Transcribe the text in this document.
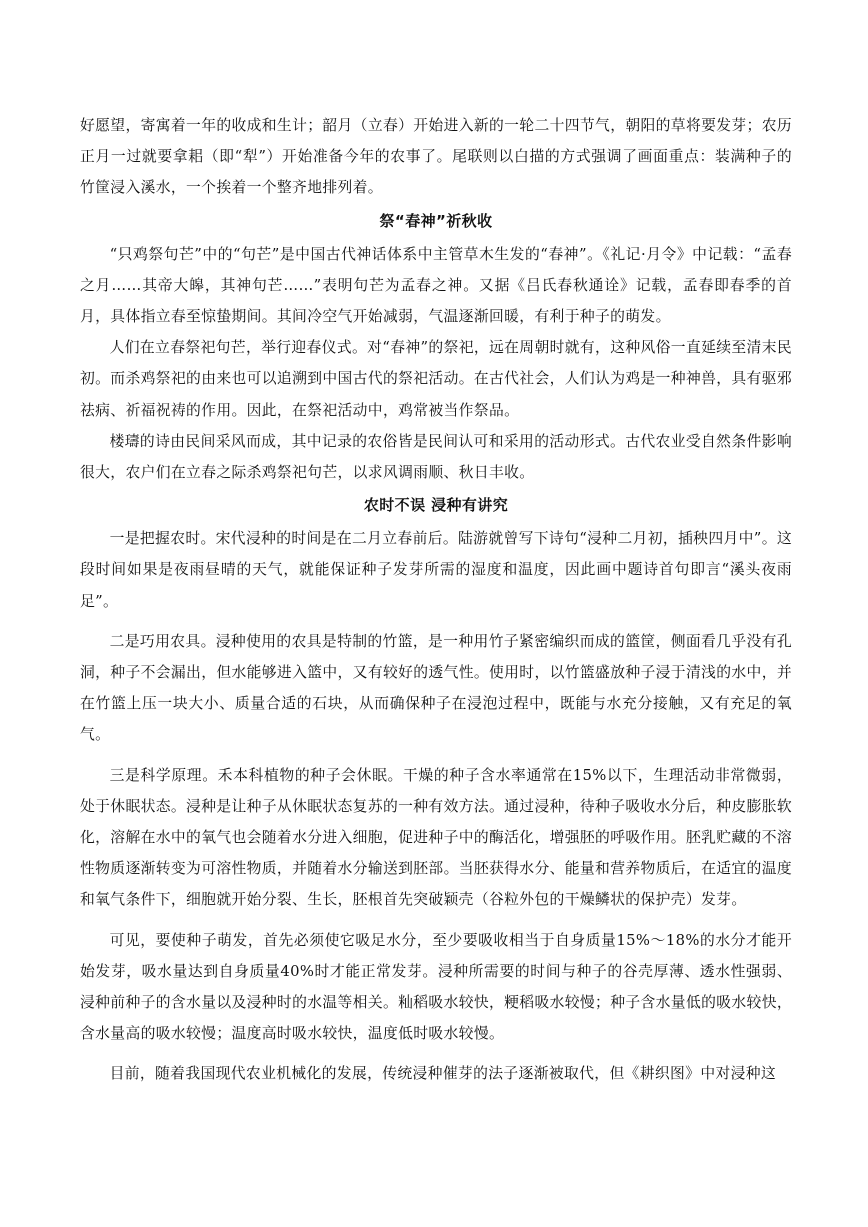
好愿望，寄寓着一年的收成和生计；韶月（立春）开始进入新的一轮二十四节气，朝阳的草将要发芽；农历正月一过就要拿耜（即“犁”）开始准备今年的农事了。尾联则以白描的方式强调了画面重点：装满种子的竹筐浸入溪水，一个挨着一个整齐地排列着。

祭“春神”祈秋收

“只鸡祭句芒”中的“句芒”是中国古代神话体系中主管草木生发的“春神”。《礼记·月令》中记载：“孟春之月……其帝大皞，其神句芒……”表明句芒为孟春之神。又据《吕氏春秋通诠》记载，孟春即春季的首月，具体指立春至惊蛰期间。其间冷空气开始减弱，气温逐渐回暖，有利于种子的萌发。

人们在立春祭祀句芒，举行迎春仪式。对“春神”的祭祀，远在周朝时就有，这种风俗一直延续至清末民初。而杀鸡祭祀的由来也可以追溯到中国古代的祭祀活动。在古代社会，人们认为鸡是一种神兽，具有驱邪祛病、祈福祝祷的作用。因此，在祭祀活动中，鸡常被当作祭品。

楼璹的诗由民间采风而成，其中记录的农俗皆是民间认可和采用的活动形式。古代农业受自然条件影响很大，农户们在立春之际杀鸡祭祀句芒，以求风调雨顺、秋日丰收。

农时不误 浸种有讲究

一是把握农时。宋代浸种的时间是在二月立春前后。陆游就曾写下诗句“浸种二月初，插秧四月中”。这段时间如果是夜雨昼晴的天气，就能保证种子发芽所需的湿度和温度，因此画中题诗首句即言“溪头夜雨足”。

二是巧用农具。浸种使用的农具是特制的竹篮，是一种用竹子紧密编织而成的篮筐，侧面看几乎没有孔洞，种子不会漏出，但水能够进入篮中，又有较好的透气性。使用时，以竹篮盛放种子浸于清浅的水中，并在竹篮上压一块大小、质量合适的石块，从而确保种子在浸泡过程中，既能与水充分接触，又有充足的氧气。

三是科学原理。禾本科植物的种子会休眠。干燥的种子含水率通常在15%以下，生理活动非常微弱，处于休眠状态。浸种是让种子从休眠状态复苏的一种有效方法。通过浸种，待种子吸收水分后，种皮膨胀软化，溶解在水中的氧气也会随着水分进入细胞，促进种子中的酶活化，增强胚的呼吸作用。胚乳贮藏的不溶性物质逐渐转变为可溶性物质，并随着水分输送到胚部。当胚获得水分、能量和营养物质后，在适宜的温度和氧气条件下，细胞就开始分裂、生长，胚根首先突破颖壳（谷粒外包的干燥鳞状的保护壳）发芽。

可见，要使种子萌发，首先必须使它吸足水分，至少要吸收相当于自身质量15%～18%的水分才能开始发芽，吸水量达到自身质量40%时才能正常发芽。浸种所需要的时间与种子的谷壳厚薄、透水性强弱、浸种前种子的含水量以及浸种时的水温等相关。籼稻吸水较快，粳稻吸水较慢；种子含水量低的吸水较快，含水量高的吸水较慢；温度高时吸水较快，温度低时吸水较慢。

目前，随着我国现代农业机械化的发展，传统浸种催芽的法子逐渐被取代，但《耕织图》中对浸种这
